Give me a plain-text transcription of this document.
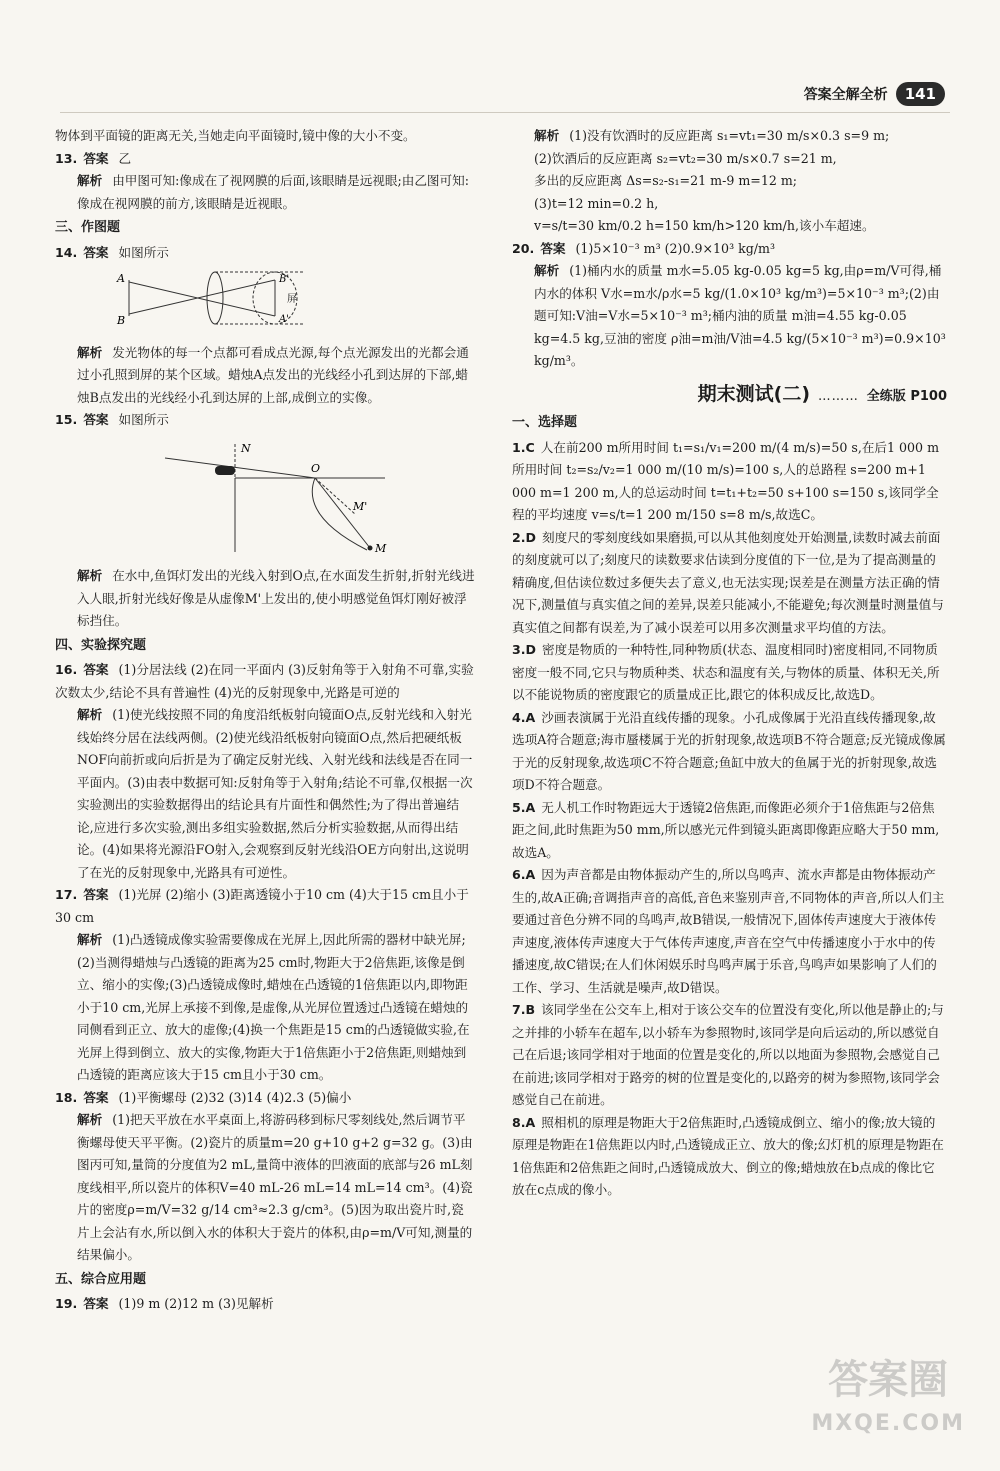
答案全解全析	141

物体到平面镜的距离无关,当她走向平面镜时,镜中像的大小不变。

13. 答案 乙

解析 由甲图可知:像成在了视网膜的后面,该眼睛是远视眼;由乙图可知:像成在视网膜的前方,该眼睛是近视眼。

三、作图题

14. 答案 如图所示

A
B
B'
A'
屏

解析 发光物体的每一个点都可看成点光源,每个点光源发出的光都会通过小孔照到屏的某个区域。蜡烛A点发出的光线经小孔到达屏的下部,蜡烛B点发出的光线经小孔到达屏的上部,成倒立的实像。

15. 答案 如图所示

N
O
M'
M

解析 在水中,鱼饵灯发出的光线入射到O点,在水面发生折射,折射光线进入人眼,折射光线好像是从虚像M'上发出的,使小明感觉鱼饵灯刚好被浮标挡住。

四、实验探究题

16. 答案 (1)分居法线 (2)在同一平面内 (3)反射角等于入射角不可靠,实验次数太少,结论不具有普遍性 (4)光的反射现象中,光路是可逆的

解析 (1)使光线按照不同的角度沿纸板射向镜面O点,反射光线和入射光线始终分居在法线两侧。(2)使光线沿纸板射向镜面O点,然后把硬纸板NOF向前折或向后折是为了确定反射光线、入射光线和法线是否在同一平面内。(3)由表中数据可知:反射角等于入射角;结论不可靠,仅根据一次实验测出的实验数据得出的结论具有片面性和偶然性;为了得出普遍结论,应进行多次实验,测出多组实验数据,然后分析实验数据,从而得出结论。(4)如果将光源沿FO射入,会观察到反射光线沿OE方向射出,这说明了在光的反射现象中,光路具有可逆性。

17. 答案 (1)光屏 (2)缩小 (3)距离透镜小于10 cm (4)大于15 cm且小于30 cm

解析 (1)凸透镜成像实验需要像成在光屏上,因此所需的器材中缺光屏;(2)当测得蜡烛与凸透镜的距离为25 cm时,物距大于2倍焦距,该像是倒立、缩小的实像;(3)凸透镜成像时,蜡烛在凸透镜的1倍焦距以内,即物距小于10 cm,光屏上承接不到像,是虚像,从光屏位置透过凸透镜在蜡烛的同侧看到正立、放大的虚像;(4)换一个焦距是15 cm的凸透镜做实验,在光屏上得到倒立、放大的实像,物距大于1倍焦距小于2倍焦距,则蜡烛到凸透镜的距离应该大于15 cm且小于30 cm。

18. 答案 (1)平衡螺母 (2)32 (3)14 (4)2.3 (5)偏小

解析 (1)把天平放在水平桌面上,将游码移到标尺零刻线处,然后调节平衡螺母使天平平衡。(2)瓷片的质量m=20 g+10 g+2 g=32 g。(3)由图丙可知,量筒的分度值为2 mL,量筒中液体的凹液面的底部与26 mL刻度线相平,所以瓷片的体积V=40 mL-26 mL=14 mL=14 cm³。(4)瓷片的密度ρ=m/V=32 g/14 cm³≈2.3 g/cm³。(5)因为取出瓷片时,瓷片上会沾有水,所以倒入水的体积大于瓷片的体积,由ρ=m/V可知,测量的结果偏小。

五、综合应用题

19. 答案 (1)9 m (2)12 m (3)见解析

解析 (1)没有饮酒时的反应距离 s₁=vt₁=30 m/s×0.3 s=9 m;

(2)饮酒后的反应距离 s₂=vt₂=30 m/s×0.7 s=21 m,

多出的反应距离 Δs=s₂-s₁=21 m-9 m=12 m;

(3)t=12 min=0.2 h,

v=s/t=30 km/0.2 h=150 km/h>120 km/h,该小车超速。

20. 答案 (1)5×10⁻³ m³ (2)0.9×10³ kg/m³

解析 (1)桶内水的质量 m水=5.05 kg-0.05 kg=5 kg,由ρ=m/V可得,桶内水的体积 V水=m水/ρ水=5 kg/(1.0×10³ kg/m³)=5×10⁻³ m³;(2)由题可知:V油=V水=5×10⁻³ m³;桶内油的质量 m油=4.55 kg-0.05 kg=4.5 kg,豆油的密度 ρ油=m油/V油=4.5 kg/(5×10⁻³ m³)=0.9×10³ kg/m³。

期末测试(二) ……… 全练版 P100
一、选择题

1.C 人在前200 m所用时间 t₁=s₁/v₁=200 m/(4 m/s)=50 s,在后1 000 m所用时间 t₂=s₂/v₂=1 000 m/(10 m/s)=100 s,人的总路程 s=200 m+1 000 m=1 200 m,人的总运动时间 t=t₁+t₂=50 s+100 s=150 s,该同学全程的平均速度 v=s/t=1 200 m/150 s=8 m/s,故选C。

2.D 刻度尺的零刻度线如果磨损,可以从其他刻度处开始测量,读数时减去前面的刻度就可以了;刻度尺的读数要求估读到分度值的下一位,是为了提高测量的精确度,但估读位数过多便失去了意义,也无法实现;误差是在测量方法正确的情况下,测量值与真实值之间的差异,误差只能减小,不能避免;每次测量时测量值与真实值之间都有误差,为了减小误差可以用多次测量求平均值的方法。

3.D 密度是物质的一种特性,同种物质(状态、温度相同时)密度相同,不同物质密度一般不同,它只与物质种类、状态和温度有关,与物体的质量、体积无关,所以不能说物质的密度跟它的质量成正比,跟它的体积成反比,故选D。

4.A 沙画表演属于光沿直线传播的现象。小孔成像属于光沿直线传播现象,故选项A符合题意;海市蜃楼属于光的折射现象,故选项B不符合题意;反光镜成像属于光的反射现象,故选项C不符合题意;鱼缸中放大的鱼属于光的折射现象,故选项D不符合题意。

5.A 无人机工作时物距远大于透镜2倍焦距,而像距必须介于1倍焦距与2倍焦距之间,此时焦距为50 mm,所以感光元件到镜头距离即像距应略大于50 mm,故选A。

6.A 因为声音都是由物体振动产生的,所以鸟鸣声、流水声都是由物体振动产生的,故A正确;音调指声音的高低,音色来鉴别声音,不同物体的声音,所以人们主要通过音色分辨不同的鸟鸣声,故B错误,一般情况下,固体传声速度大于液体传声速度,液体传声速度大于气体传声速度,声音在空气中传播速度小于水中的传播速度,故C错误;在人们休闲娱乐时鸟鸣声属于乐音,鸟鸣声如果影响了人们的工作、学习、生活就是噪声,故D错误。

7.B 该同学坐在公交车上,相对于该公交车的位置没有变化,所以他是静止的;与之并排的小轿车在超车,以小轿车为参照物时,该同学是向后运动的,所以感觉自己在后退;该同学相对于地面的位置是变化的,所以以地面为参照物,会感觉自己在前进;该同学相对于路旁的树的位置是变化的,以路旁的树为参照物,该同学会感觉自己在前进。

8.A 照相机的原理是物距大于2倍焦距时,凸透镜成倒立、缩小的像;放大镜的原理是物距在1倍焦距以内时,凸透镜成正立、放大的像;幻灯机的原理是物距在1倍焦距和2倍焦距之间时,凸透镜成放大、倒立的像;蜡烛放在b点成的像比它放在c点成的像小。

答案圈
MXQE.COM
